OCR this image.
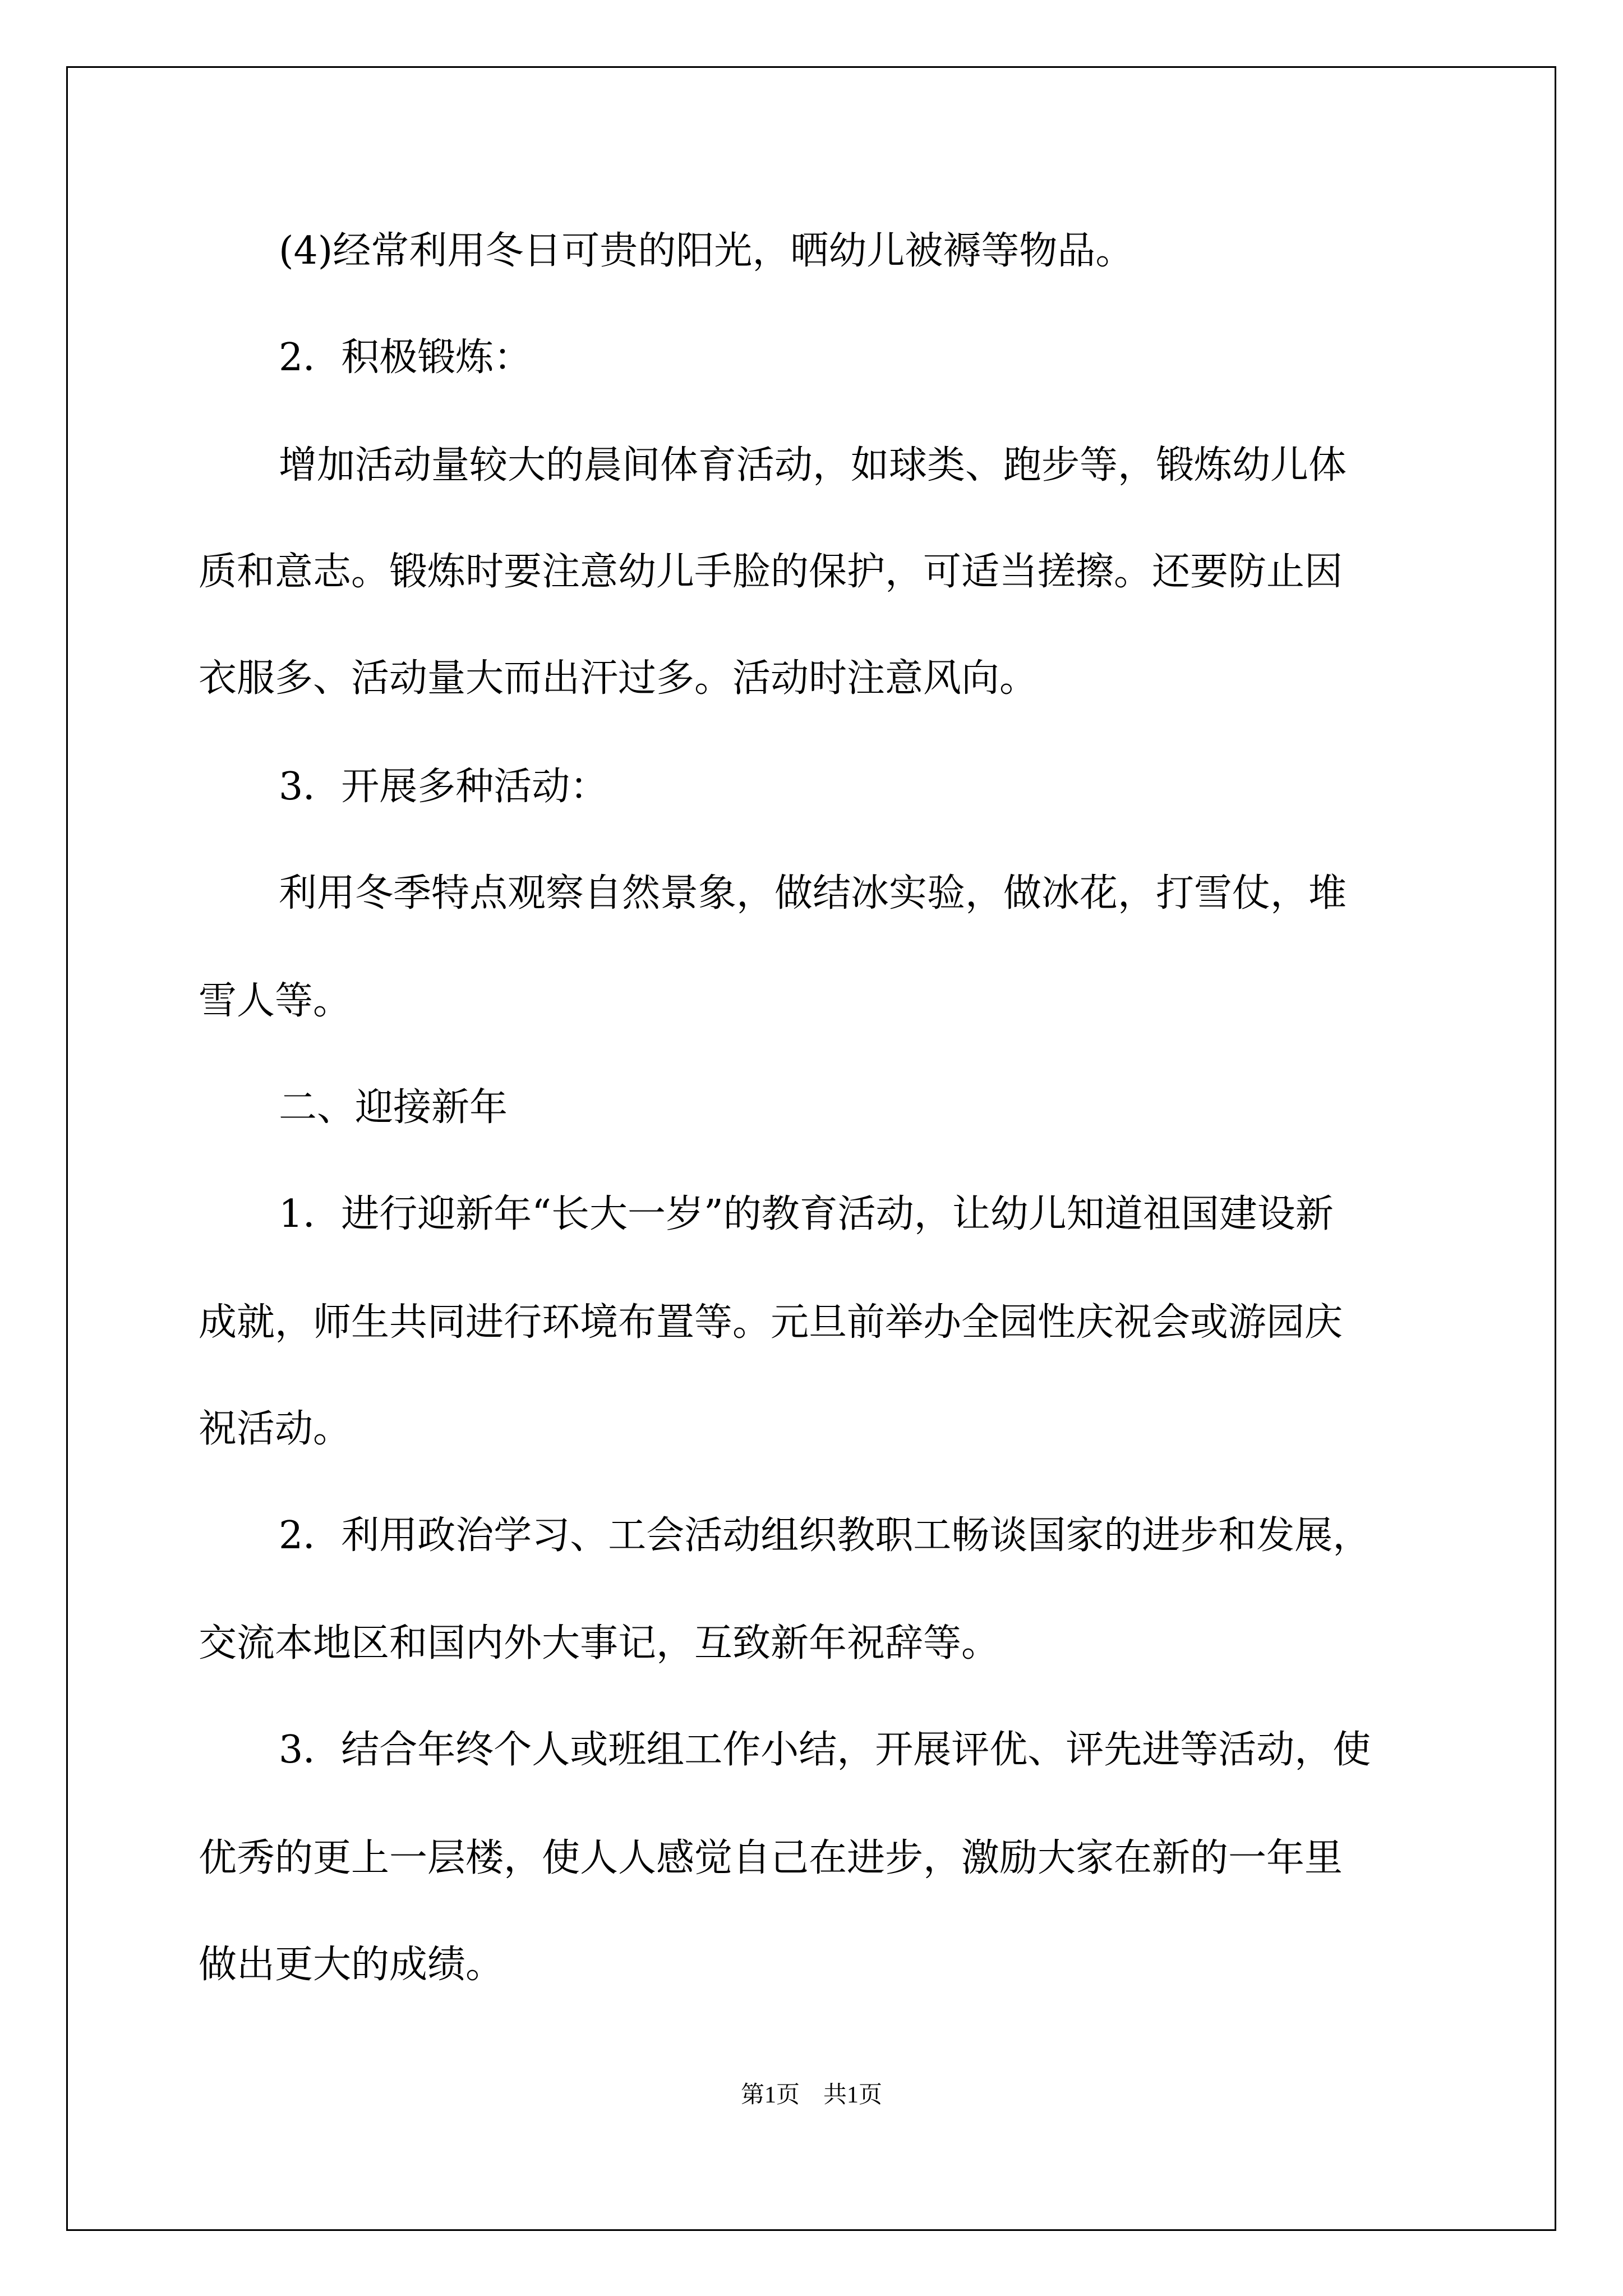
(4)经常利用冬日可贵的阳光，晒幼儿被褥等物品。

2．积极锻炼：

增加活动量较大的晨间体育活动，如球类、跑步等，锻炼幼儿体

质和意志。锻炼时要注意幼儿手脸的保护，可适当搓擦。还要防止因

衣服多、活动量大而出汗过多。活动时注意风向。

3．开展多种活动：

利用冬季特点观察自然景象，做结冰实验，做冰花，打雪仗，堆

雪人等。

二、迎接新年

1．进行迎新年“长大一岁”的教育活动，让幼儿知道祖国建设新

成就，师生共同进行环境布置等。元旦前举办全园性庆祝会或游园庆

祝活动。

2．利用政治学习、工会活动组织教职工畅谈国家的进步和发展，

交流本地区和国内外大事记，互致新年祝辞等。

3．结合年终个人或班组工作小结，开展评优、评先进等活动，使

优秀的更上一层楼，使人人感觉自己在进步，激励大家在新的一年里

做出更大的成绩。

第1页　共1页
